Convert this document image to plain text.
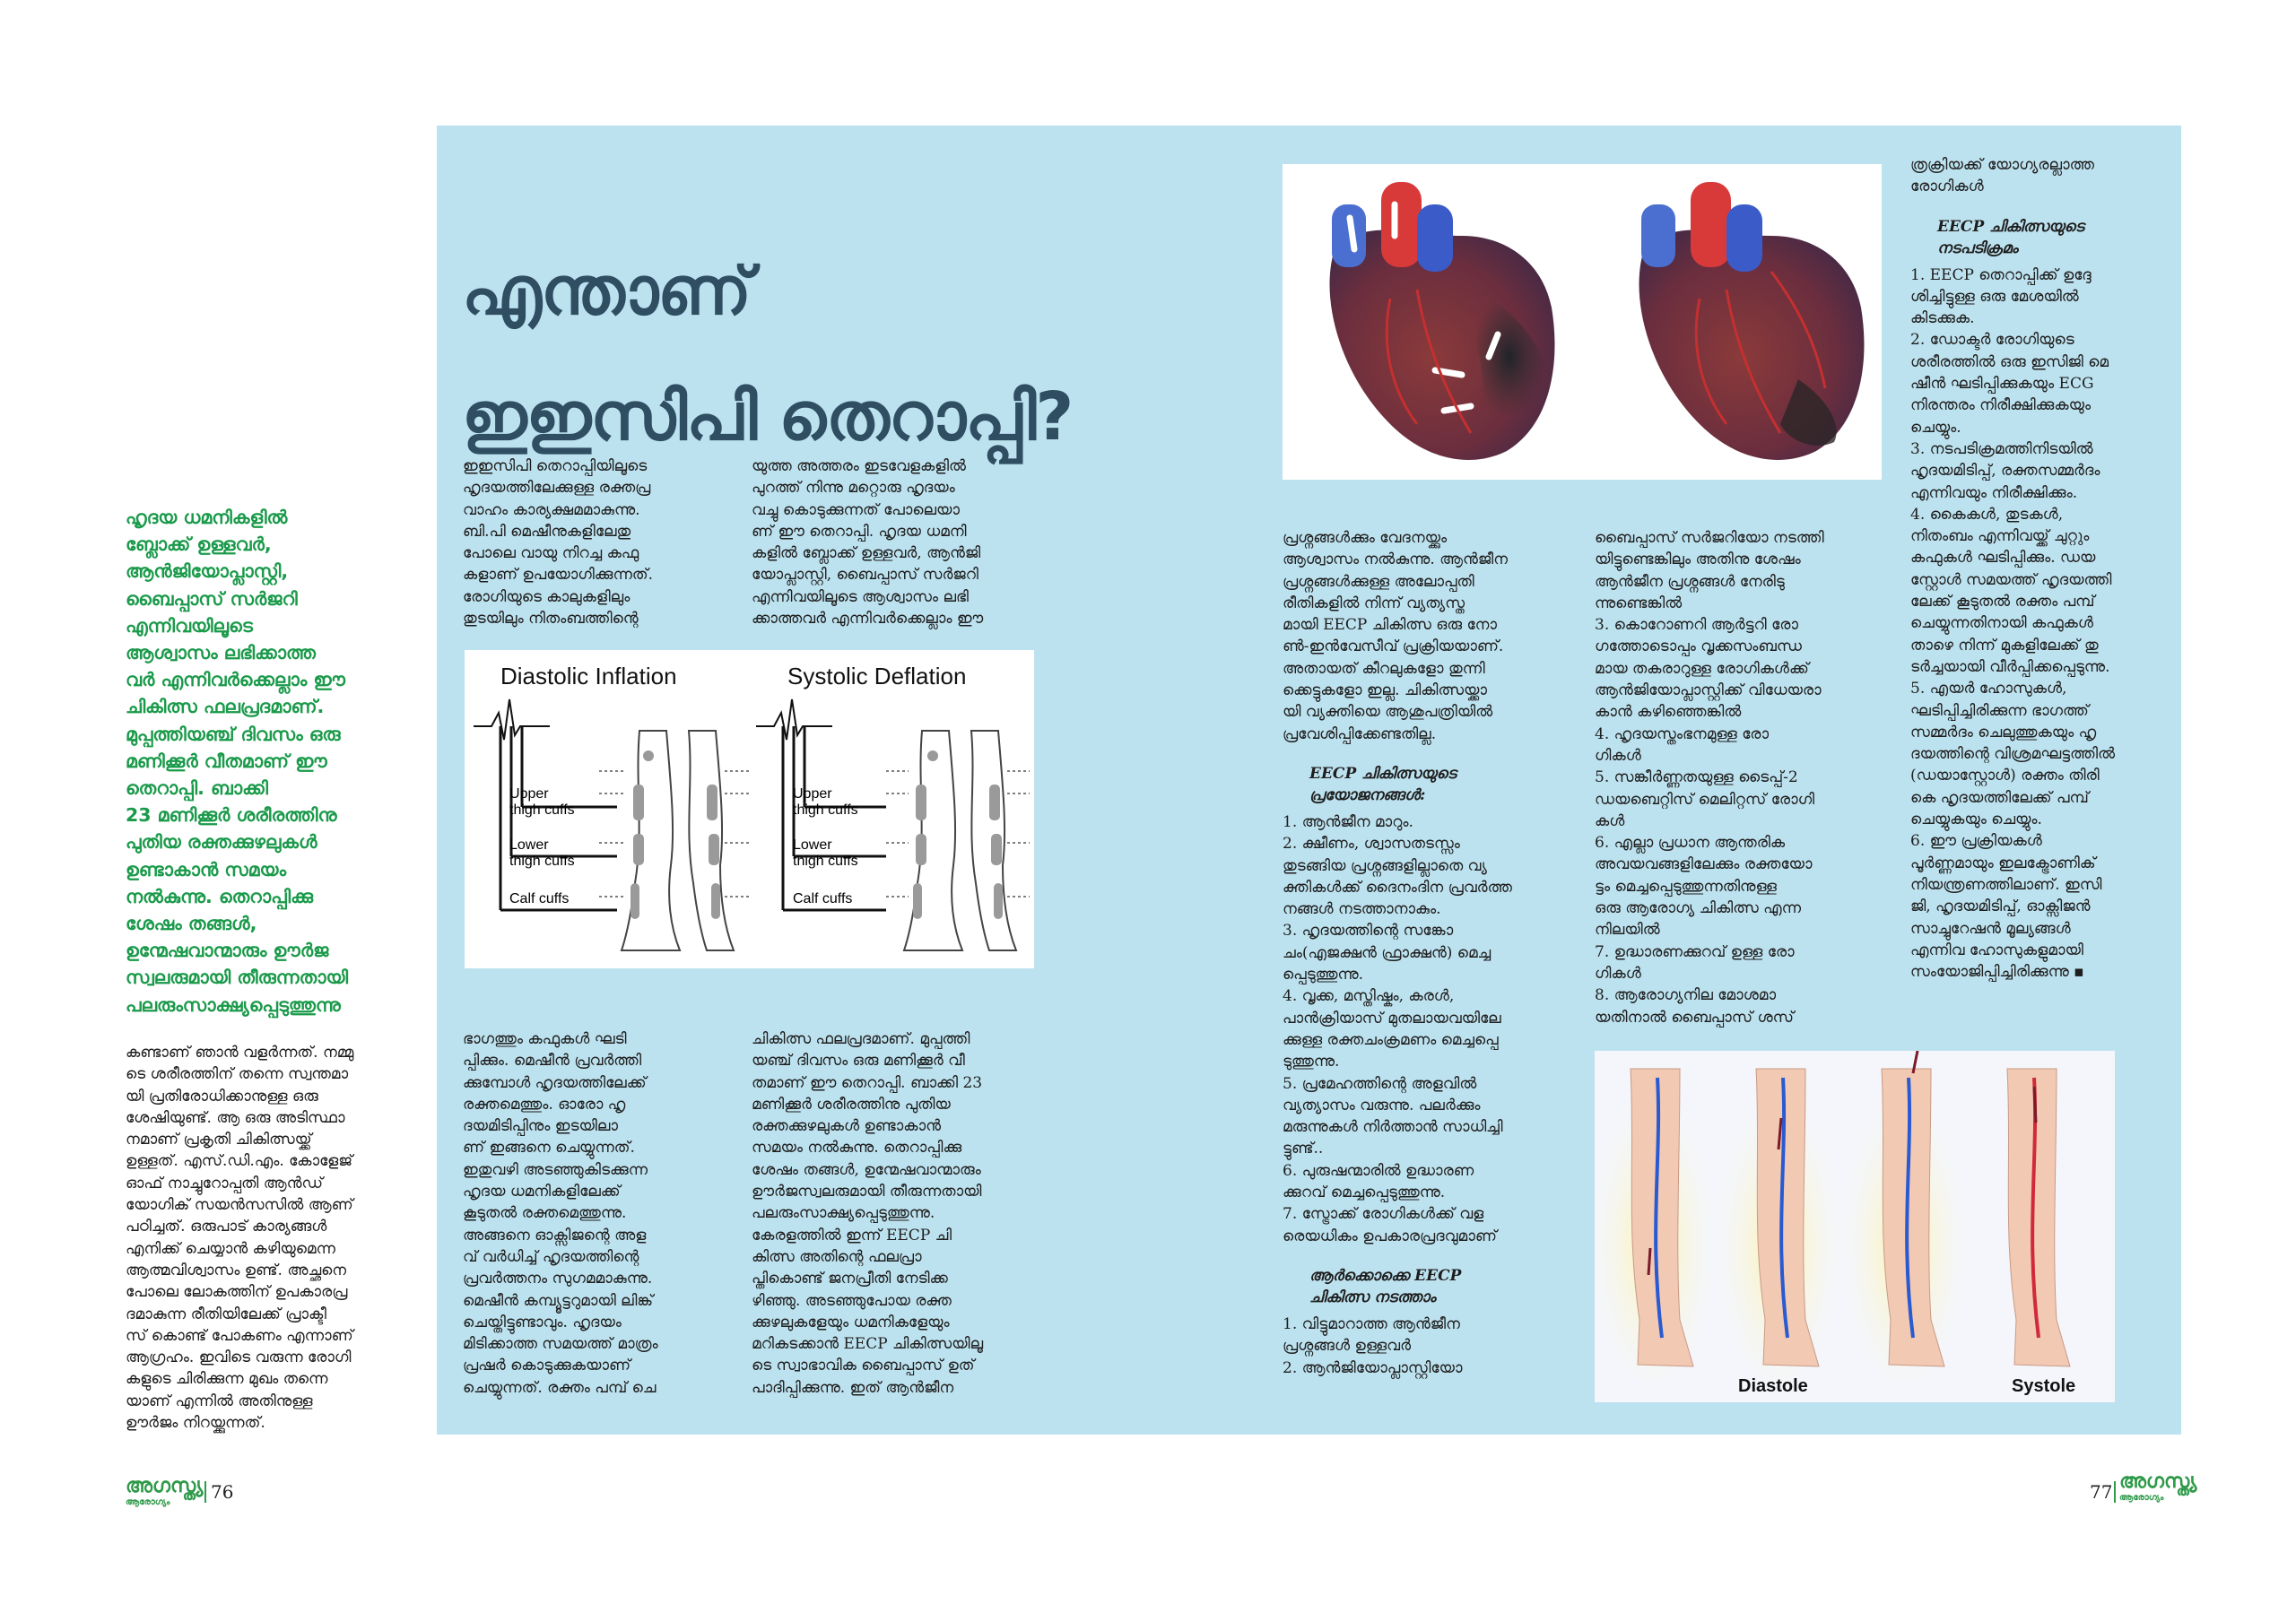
എന്താണ്
ഇഇസിപി തെറാപ്പി?
ഹൃദയ ധമനികളിൽ
ബ്ലോക്ക് ഉള്ളവർ,
ആൻജിയോപ്ലാസ്റ്റി,
ബൈപ്പാസ് സർജറി
എന്നിവയിലൂടെ
ആശ്വാസം ലഭിക്കാത്ത
വർ എന്നിവർക്കെല്ലാം ഈ
ചികിത്സ ഫലപ്രദമാണ്.
മുപ്പത്തിയഞ്ച് ദിവസം ഒരു
മണിക്കൂർ വീതമാണ് ഈ
തെറാപ്പി. ബാക്കി
23 മണിക്കൂർ ശരീരത്തിനു
പുതിയ രക്തക്കുഴലുകൾ
ഉണ്ടാകാൻ സമയം
നൽകുന്നു. തെറാപ്പിക്കു
ശേഷം തങ്ങൾ,
ഉന്മേഷവാന്മാരും ഊർജ
സ്വലരുമായി തീരുന്നതായി
പലരുംസാക്ഷ്യപ്പെടുത്തുന്നു

കണ്ടാണ് ഞാൻ വളർന്നത്. നമ്മു
ടെ ശരീരത്തിന് തന്നെ സ്വന്തമാ
യി പ്രതിരോധിക്കാനുള്ള ഒരു
ശേഷിയുണ്ട്. ആ ഒരു അടിസ്ഥാ
നമാണ് പ്രകൃതി ചികിത്സയ്ക്ക്
ഉള്ളത്. എസ്.ഡി.എം. കോളേജ്
ഓഫ് നാച്ചുറോപ്പതി ആൻഡ്
യോഗിക് സയൻസസിൽ ആണ്
പഠിച്ചത്. ഒരുപാട് കാര്യങ്ങൾ
എനിക്ക് ചെയ്യാൻ കഴിയുമെന്ന
ആത്മവിശ്വാസം ഉണ്ട്. അച്ഛനെ
പോലെ ലോകത്തിന് ഉപകാരപ്ര
ദമാകുന്ന രീതിയിലേക്ക് പ്രാക്ടീ
സ് കൊണ്ട് പോകണം എന്നാണ്
ആഗ്രഹം. ഇവിടെ വരുന്ന രോഗി
കളുടെ ചിരിക്കുന്ന മുഖം തന്നെ
യാണ് എന്നിൽ അതിനുള്ള
ഊർജം നിറയ്ക്കുന്നത്.

ഇഇസിപി തെറാപ്പിയിലൂടെ
ഹൃദയത്തിലേക്കുള്ള രക്തപ്ര
വാഹം കാര്യക്ഷമമാകുന്നു.
ബി.പി മെഷീനുകളിലേതു
പോലെ വായു നിറച്ച കഫു
കളാണ് ഉപയോഗിക്കുന്നത്.
രോഗിയുടെ കാലുകളിലും
തുടയിലും നിതംബത്തിന്റെ

യുത്ത അത്തരം ഇടവേളകളിൽ
പുറത്ത് നിന്നു മറ്റൊരു ഹൃദയം
വച്ചു കൊടുക്കുന്നത് പോലെയാ
ണ് ഈ തെറാപ്പി. ഹൃദയ ധമനി
കളിൽ ബ്ലോക്ക് ഉള്ളവർ, ആൻജി
യോപ്ലാസ്റ്റി, ബൈപ്പാസ് സർജറി
എന്നിവയിലൂടെ ആശ്വാസം ലഭി
ക്കാത്തവർ എന്നിവർക്കെല്ലാം ഈ

Diastolic Inflation	Systolic Deflation
Upper thigh cuffs
Lower thigh cuffs
Calf cuffs
Upper thigh cuffs
Lower thigh cuffs
Calf cuffs

ഭാഗത്തും കഫുകൾ ഘടി
പ്പിക്കും. മെഷീൻ പ്രവർത്തി
ക്കുമ്പോൾ ഹൃദയത്തിലേക്ക്
രക്തമെത്തും. ഓരോ ഹൃ
ദയമിടിപ്പിനും ഇടയിലാ
ണ് ഇങ്ങനെ ചെയ്യുന്നത്.
ഇതുവഴി അടഞ്ഞുകിടക്കുന്ന
ഹൃദയ ധമനികളിലേക്ക്
കൂടുതൽ രക്തമെത്തുന്നു.
അങ്ങനെ ഓക്സിജന്റെ അള
വ് വർധിച്ച് ഹൃദയത്തിന്റെ
പ്രവർത്തനം സുഗമമാകുന്നു.
മെഷീൻ കമ്പ്യൂട്ടറുമായി ലിങ്ക്
ചെയ്തിട്ടുണ്ടാവും. ഹൃദയം
മിടിക്കാത്ത സമയത്ത് മാത്രം
പ്രഷർ കൊടുക്കുകയാണ്
ചെയ്യുന്നത്. രക്തം പമ്പ് ചെ

ചികിത്സ ഫലപ്രദമാണ്. മുപ്പത്തി
യഞ്ച് ദിവസം ഒരു മണിക്കൂർ വീ
തമാണ് ഈ തെറാപ്പി. ബാക്കി 23
മണിക്കൂർ ശരീരത്തിനു പുതിയ
രക്തക്കുഴലുകൾ ഉണ്ടാകാൻ
സമയം നൽകുന്നു. തെറാപ്പിക്കു
ശേഷം തങ്ങൾ, ഉന്മേഷവാന്മാരും
ഊർജസ്വലരുമായി തീരുന്നതായി
പലരുംസാക്ഷ്യപ്പെടുത്തുന്നു.
കേരളത്തിൽ ഇന്ന് EECP ചി
കിത്സ അതിന്റെ ഫലപ്രാ
പ്തികൊണ്ട് ജനപ്രീതി നേടിക്ക
ഴിഞ്ഞു. അടഞ്ഞുപോയ രക്ത
ക്കുഴലുകളേയും ധമനികളേയും
മറികടക്കാൻ EECP ചികിത്സയിലൂ
ടെ സ്വാഭാവിക ബൈപ്പാസ് ഉത്
പാദിപ്പിക്കുന്നു. ഇത് ആൻജീന

പ്രശ്നങ്ങൾക്കും വേദനയ്ക്കും
ആശ്വാസം നൽകുന്നു. ആൻജീന
പ്രശ്നങ്ങൾക്കുള്ള അലോപ്പതി
രീതികളിൽ നിന്ന് വ്യത്യസ്ത
മായി EECP ചികിത്സ ഒരു നോ
ൺ-ഇൻവേസീവ് പ്രക്രിയയാണ്.
അതായത് കീറലുകളോ തുന്നി
ക്കെട്ടുകളോ ഇല്ല. ചികിത്സയ്ക്കാ
യി വ്യക്തിയെ ആശുപത്രിയിൽ
പ്രവേശിപ്പിക്കേണ്ടതില്ല.

EECP ചികിത്സയുടെ
പ്രയോജനങ്ങൾ:

1. ആൻജീന മാറും.
2. ക്ഷീണം, ശ്വാസതടസ്സം
തുടങ്ങിയ പ്രശ്നങ്ങളില്ലാതെ വ്യ
ക്തികൾക്ക് ദൈനംദിന പ്രവർത്ത
നങ്ങൾ നടത്താനാകും.
3. ഹൃദയത്തിന്റെ സങ്കോ
ചം(എജക്ഷൻ ഫ്രാക്ഷൻ) മെച്ച
പ്പെടുത്തുന്നു.
4. വൃക്ക, മസ്തിഷ്കം, കരൾ,
പാൻക്രിയാസ് മുതലായവയിലേ
ക്കുള്ള രക്തചംക്രമണം മെച്ചപ്പെ
ടുത്തുന്നു.
5. പ്രമേഹത്തിന്റെ അളവിൽ
വ്യത്യാസം വരുന്നു. പലർക്കും
മരുന്നുകൾ നിർത്താൻ സാധിച്ചി
ട്ടുണ്ട്..
6. പുരുഷന്മാരിൽ ഉദ്ധാരണ
ക്കുറവ് മെച്ചപ്പെടുത്തുന്നു.
7. സ്ട്രോക്ക് രോഗികൾക്ക് വള
രെയധികം ഉപകാരപ്രദവുമാണ്

ആർക്കൊക്കെ EECP
ചികിത്സ നടത്താം

1. വിട്ടുമാറാത്ത ആൻജീന
പ്രശ്നങ്ങൾ ഉള്ളവർ
2. ആൻജിയോപ്ലാസ്റ്റിയോ

ബൈപ്പാസ് സർജറിയോ നടത്തി
യിട്ടുണ്ടെങ്കിലും അതിനു ശേഷം
ആൻജീന പ്രശ്നങ്ങൾ നേരിടു
ന്നുണ്ടെങ്കിൽ
3. കൊറോണറി ആർട്ടറി രോ
ഗത്തോടൊപ്പം വൃക്കസംബന്ധ
മായ തകരാറുള്ള രോഗികൾക്ക്
ആൻജിയോപ്ലാസ്റ്റിക്ക് വിധേയരാ
കാൻ കഴിഞ്ഞെങ്കിൽ
4. ഹൃദയസ്തംഭനമുള്ള രോ
ഗികൾ
5. സങ്കീർണ്ണതയുള്ള ടൈപ്പ്-2
ഡയബെറ്റിസ് മെലിറ്റസ് രോഗി
കൾ
6. എല്ലാ പ്രധാന ആന്തരിക
അവയവങ്ങളിലേക്കും രക്തയോ
ട്ടം മെച്ചപ്പെടുത്തുന്നതിനുള്ള
ഒരു ആരോഗ്യ ചികിത്സ എന്ന
നിലയിൽ
7. ഉദ്ധാരണക്കുറവ് ഉള്ള രോ
ഗികൾ
8. ആരോഗ്യനില മോശമാ
യതിനാൽ ബൈപ്പാസ് ശസ്

Diastole	Systole

ത്രക്രിയക്ക് യോഗ്യരല്ലാത്ത
രോഗികൾ

EECP ചികിത്സയുടെ
നടപടിക്രമം

1. EECP തെറാപ്പിക്ക് ഉദ്ദേ
ശിച്ചിട്ടുള്ള ഒരു മേശയിൽ
കിടക്കുക.
2. ഡോക്ടർ രോഗിയുടെ
ശരീരത്തിൽ ഒരു ഇസിജി മെ
ഷീൻ ഘടിപ്പിക്കുകയും ECG
നിരന്തരം നിരീക്ഷിക്കുകയും
ചെയ്യും.
3. നടപടിക്രമത്തിനിടയിൽ
ഹൃദയമിടിപ്പ്, രക്തസമ്മർദം
എന്നിവയും നിരീക്ഷിക്കും.
4. കൈകൾ, തുടകൾ,
നിതംബം എന്നിവയ്ക്ക് ചുറ്റും
കഫുകൾ ഘടിപ്പിക്കും. ഡയ
സ്റ്റോൾ സമയത്ത് ഹൃദയത്തി
ലേക്ക് കൂടുതൽ രക്തം പമ്പ്
ചെയ്യുന്നതിനായി കഫുകൾ
താഴെ നിന്ന് മുകളിലേക്ക് തു
ടർച്ചയായി വീർപ്പിക്കപ്പെടുന്നു.
5. എയർ ഹോസുകൾ,
ഘടിപ്പിച്ചിരിക്കുന്ന ഭാഗത്ത്
സമ്മർദം ചെലുത്തുകയും ഹൃ
ദയത്തിന്റെ വിശ്രമഘട്ടത്തിൽ
(ഡയാസ്റ്റോൾ) രക്തം തിരി
കെ ഹൃദയത്തിലേക്ക് പമ്പ്
ചെയ്യുകയും ചെയ്യും.
6. ഈ പ്രക്രിയകൾ
പൂർണ്ണമായും ഇലക്ട്രോണിക്
നിയന്ത്രണത്തിലാണ്. ഇസി
ജി, ഹൃദയമിടിപ്പ്, ഓക്സിജൻ
സാച്ചുറേഷൻ മൂല്യങ്ങൾ
എന്നിവ ഹോസുകളുമായി
സംയോജിപ്പിച്ചിരിക്കുന്നു ▪

അഗസ്ത്യ
ആരോഗ്യം	76	77 അഗസ്ത്യ
ആരോഗ്യം
